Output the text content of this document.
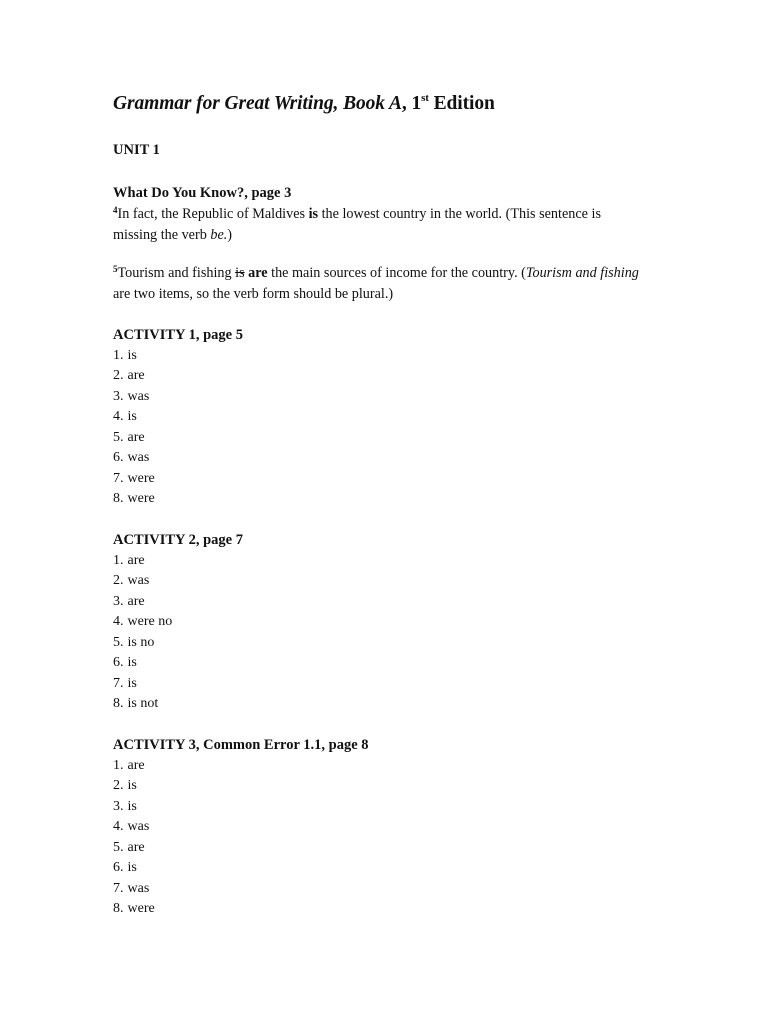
Grammar for Great Writing, Book A, 1st Edition
UNIT 1
What Do You Know?, page 3
$^4$In fact, the Republic of Maldives is the lowest country in the world. (This sentence is missing the verb be.)
$^5$Tourism and fishing is are the main sources of income for the country. (Tourism and fishing are two items, so the verb form should be plural.)
ACTIVITY 1, page 5
1. is
2. are
3. was
4. is
5. are
6. was
7. were
8. were
ACTIVITY 2, page 7
1. are
2. was
3. are
4. were no
5. is no
6. is
7. is
8. is not
ACTIVITY 3, Common Error 1.1, page 8
1. are
2. is
3. is
4. was
5. are
6. is
7. was
8. were
